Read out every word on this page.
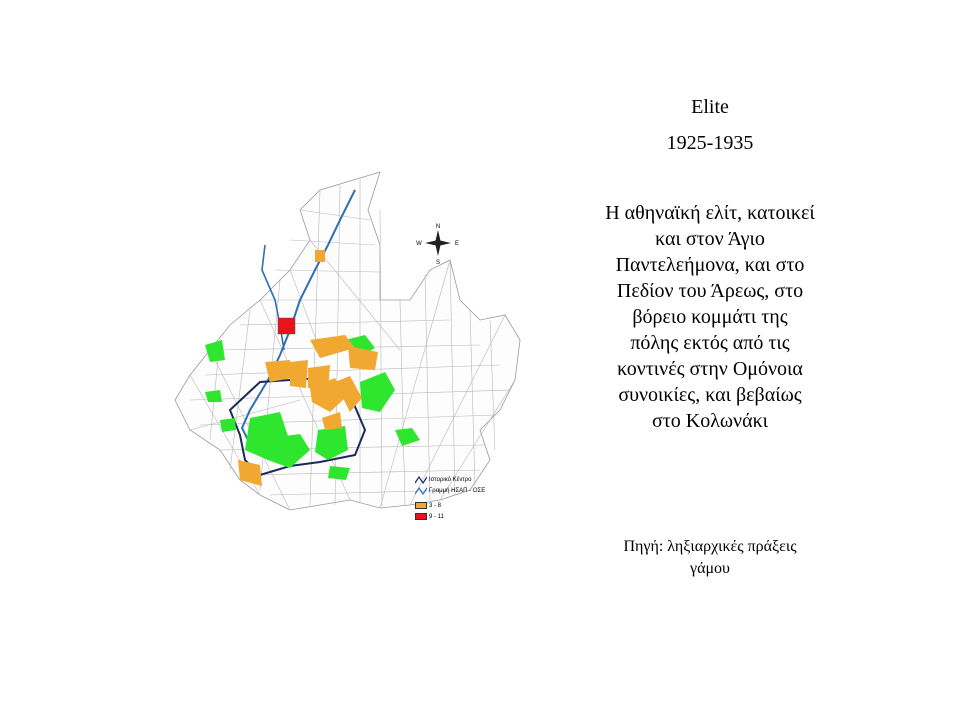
N
S
E
W
Ιστορικό Κέντρο
Γραμμή ΗΣΑΠ - ΟΣΕ
3 - 8
9 - 11
Elite
1925-1935
Η αθηναϊκή ελίτ, κατοικεί
και στον Άγιο
Παντελεήμονα, και στο
Πεδίον του Άρεως, στο
βόρειο κομμάτι της
πόλης εκτός από τις
κοντινές στην Ομόνοια
συνοικίες, και βεβαίως
στο Κολωνάκι
Πηγή: ληξιαρχικές πράξεις
γάμου
